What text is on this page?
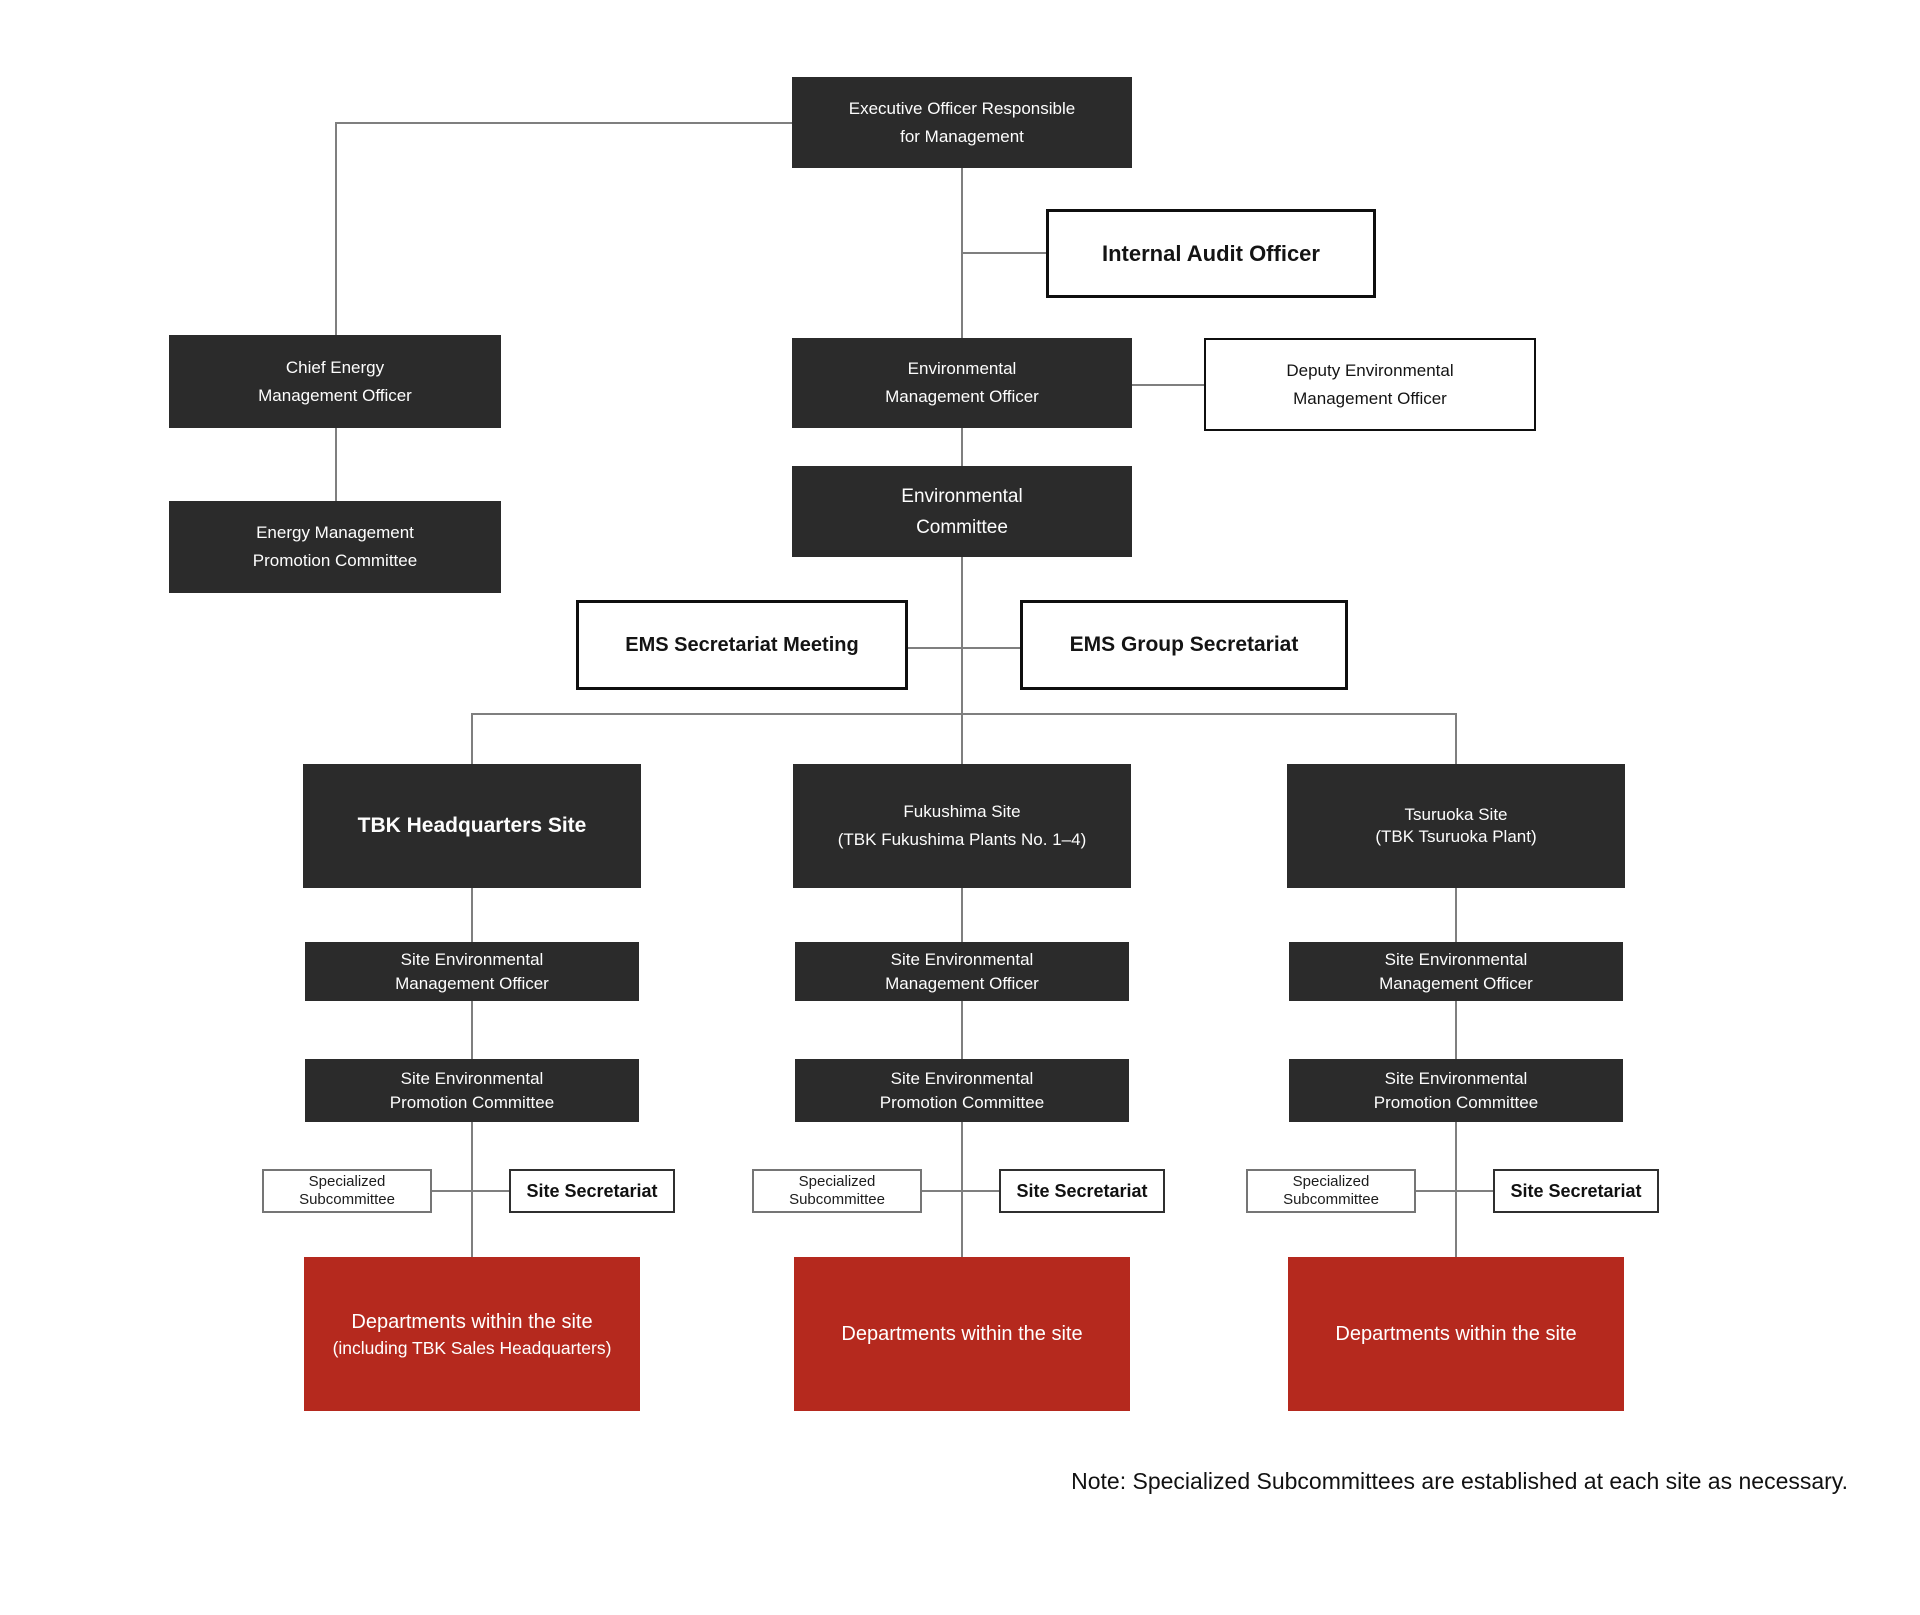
Executive Officer Responsible
for Management
Internal Audit Officer
Chief Energy
Management Officer
Environmental
Management Officer
Deputy Environmental
Management Officer
Energy Management
Promotion Committee
Environmental
Committee
EMS Secretariat Meeting	EMS Group Secretariat
TBK Headquarters Site
Site Environmental
Management Officer
Site Environmental
Promotion Committee
Specialized
Subcommittee	Site Secretariat
Departments within the site
(including TBK Sales Headquarters)
Fukushima Site
(TBK Fukushima Plants No. 1–4)
Site Environmental
Management Officer
Site Environmental
Promotion Committee
Specialized
Subcommittee	Site Secretariat
Departments within the site
Tsuruoka Site
(TBK Tsuruoka Plant)
Site Environmental
Management Officer
Site Environmental
Promotion Committee
Specialized
Subcommittee	Site Secretariat
Departments within the site
Note: Specialized Subcommittees are established at each site as necessary.
